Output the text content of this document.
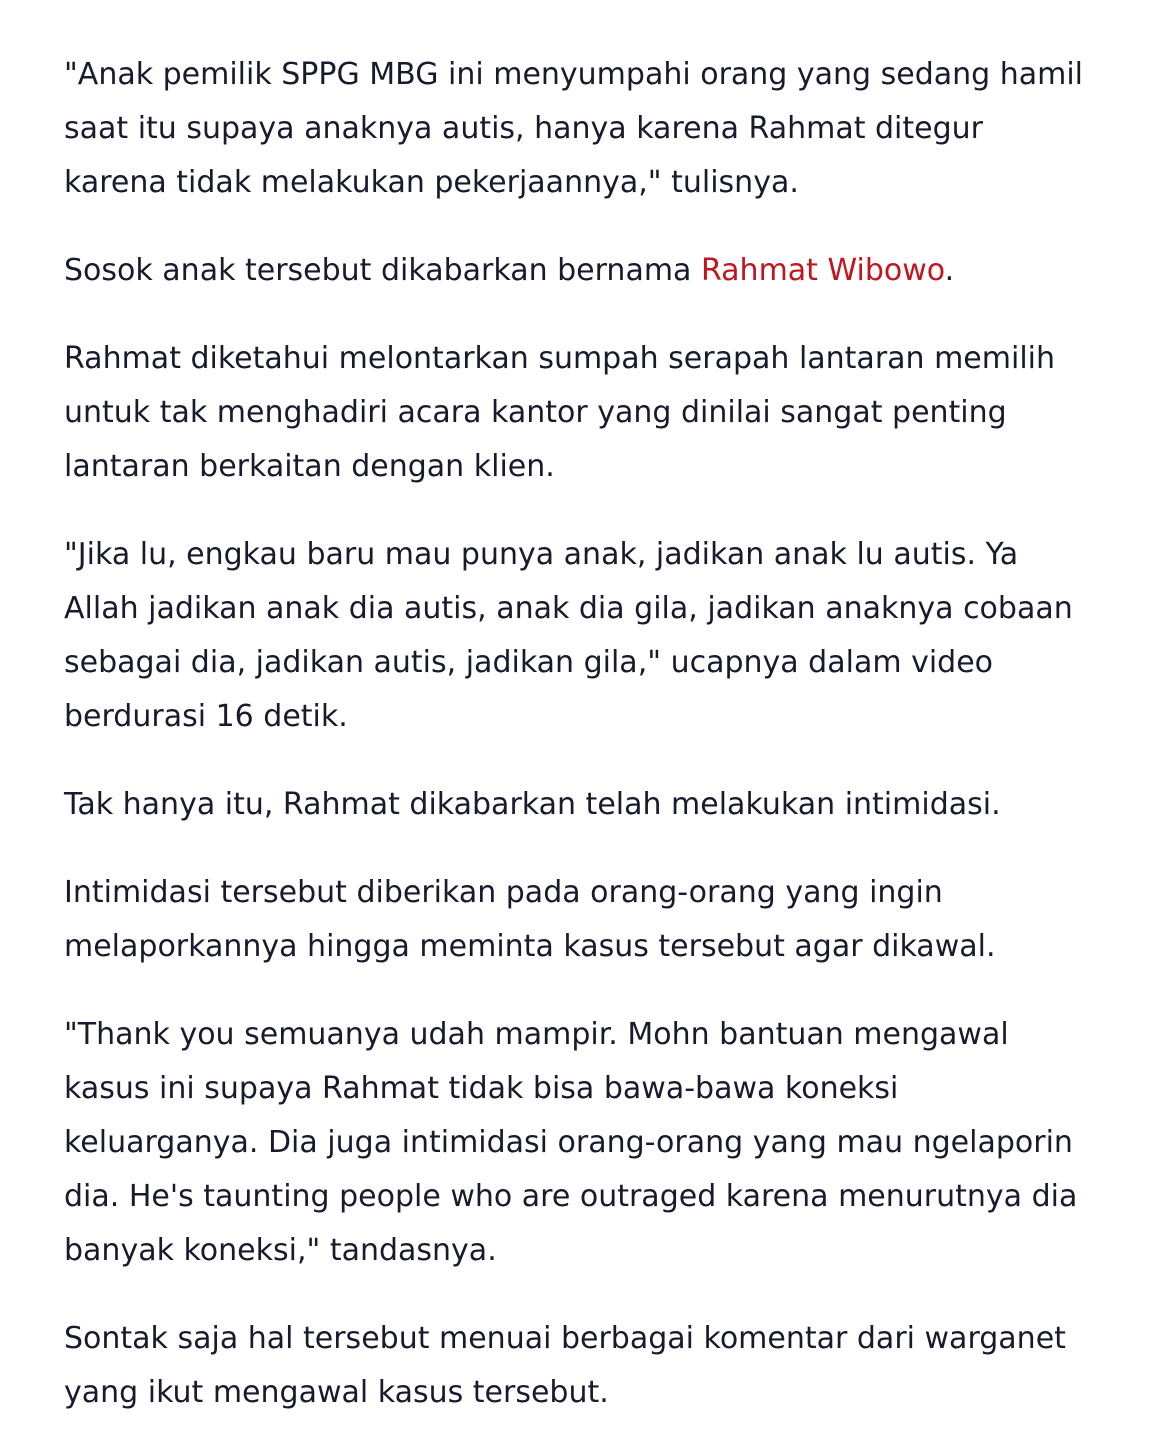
"Anak pemilik SPPG MBG ini menyumpahi orang yang sedang hamil saat itu supaya anaknya autis, hanya karena Rahmat ditegur karena tidak melakukan pekerjaannya," tulisnya.

Sosok anak tersebut dikabarkan bernama Rahmat Wibowo.

Rahmat diketahui melontarkan sumpah serapah lantaran memilih untuk tak menghadiri acara kantor yang dinilai sangat penting lantaran berkaitan dengan klien.

"Jika lu, engkau baru mau punya anak, jadikan anak lu autis. Ya Allah jadikan anak dia autis, anak dia gila, jadikan anaknya cobaan sebagai dia, jadikan autis, jadikan gila," ucapnya dalam video berdurasi 16 detik.

Tak hanya itu, Rahmat dikabarkan telah melakukan intimidasi.

Intimidasi tersebut diberikan pada orang-orang yang ingin melaporkannya hingga meminta kasus tersebut agar dikawal.

"Thank you semuanya udah mampir. Mohn bantuan mengawal kasus ini supaya Rahmat tidak bisa bawa-bawa koneksi keluarganya. Dia juga intimidasi orang-orang yang mau ngelaporin dia. He's taunting people who are outraged karena menurutnya dia banyak koneksi," tandasnya.

Sontak saja hal tersebut menuai berbagai komentar dari warganet yang ikut mengawal kasus tersebut.
